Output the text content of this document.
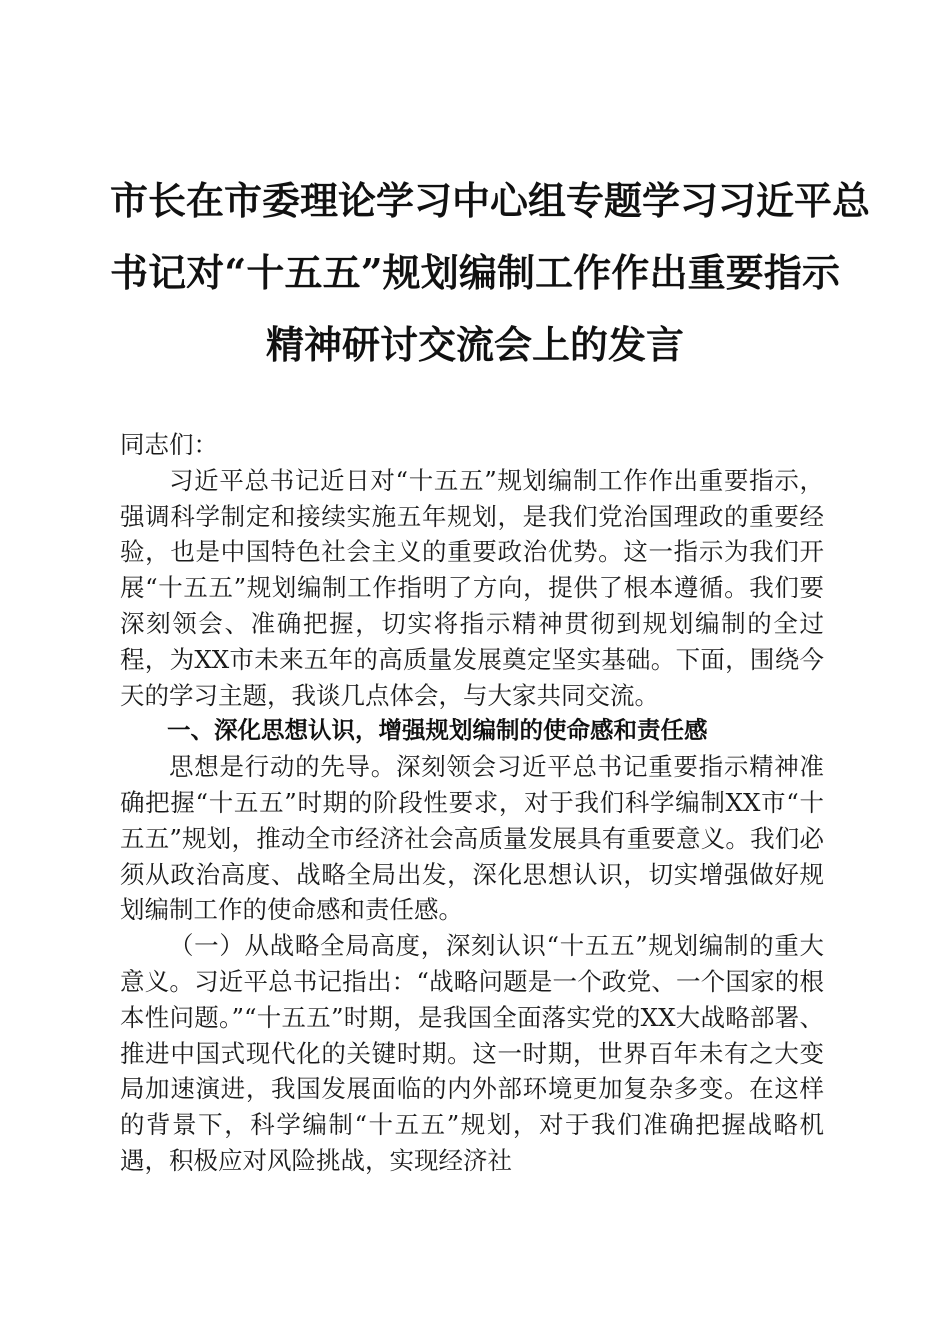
市长在市委理论学习中心组专题学习习近平总
书记对“十五五”规划编制工作作出重要指示
精神研讨交流会上的发言

同志们：

习近平总书记近日对“十五五”规划编制工作作出重要指示，强调科学制定和接续实施五年规划，是我们党治国理政的重要经验，也是中国特色社会主义的重要政治优势。这一指示为我们开展“十五五”规划编制工作指明了方向，提供了根本遵循。我们要深刻领会、准确把握，切实将指示精神贯彻到规划编制的全过程，为XX市未来五年的高质量发展奠定坚实基础。下面，围绕今天的学习主题，我谈几点体会，与大家共同交流。

一、深化思想认识，增强规划编制的使命感和责任感

思想是行动的先导。深刻领会习近平总书记重要指示精神准确把握“十五五”时期的阶段性要求，对于我们科学编制XX市“十五五”规划，推动全市经济社会高质量发展具有重要意义。我们必须从政治高度、战略全局出发，深化思想认识，切实增强做好规划编制工作的使命感和责任感。

（一）从战略全局高度，深刻认识“十五五”规划编制的重大意义。习近平总书记指出：“战略问题是一个政党、一个国家的根本性问题。”“十五五”时期，是我国全面落实党的XX大战略部署、推进中国式现代化的关键时期。这一时期，世界百年未有之大变局加速演进，我国发展面临的内外部环境更加复杂多变。在这样的背景下，科学编制“十五五”规划，对于我们准确把握战略机遇，积极应对风险挑战，实现经济社
